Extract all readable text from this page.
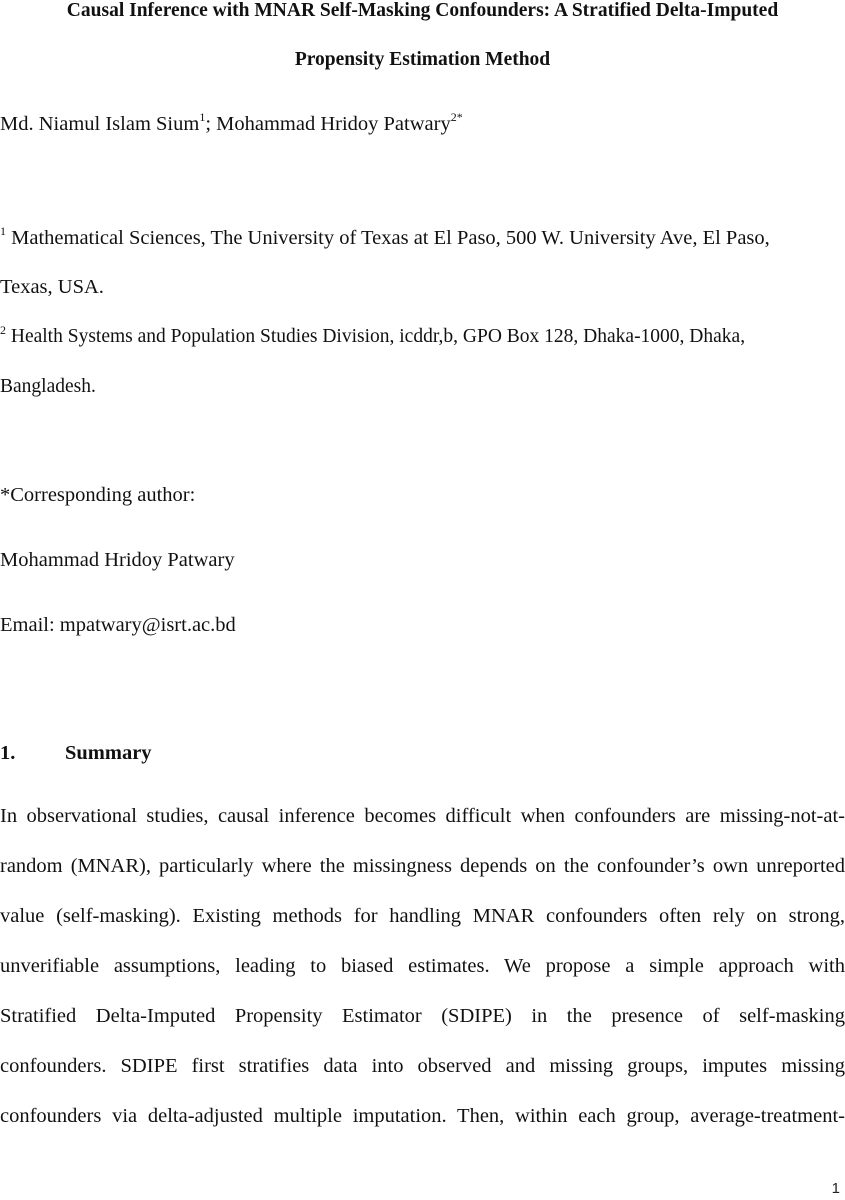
Causal Inference with MNAR Self-Masking Confounders: A Stratified Delta-Imputed
Propensity Estimation Method
Md. Niamul Islam Sium$^1$; Mohammad Hridoy Patwary$^{2*}$
$^1$ Mathematical Sciences, The University of Texas at El Paso, 500 W. University Ave, El Paso,
Texas, USA.
$^2$ Health Systems and Population Studies Division, icddr,b, GPO Box 128, Dhaka-1000, Dhaka,
Bangladesh.
*Corresponding author:
Mohammad Hridoy Patwary
Email: mpatwary@isrt.ac.bd
1. Summary
In observational studies, causal inference becomes difficult when confounders are missing-not-at-
random (MNAR), particularly where the missingness depends on the confounder’s own unreported
value (self-masking). Existing methods for handling MNAR confounders often rely on strong,
unverifiable assumptions, leading to biased estimates. We propose a simple approach with
Stratified Delta-Imputed Propensity Estimator (SDIPE) in the presence of self-masking
confounders. SDIPE first stratifies data into observed and missing groups, imputes missing
confounders via delta-adjusted multiple imputation. Then, within each group, average-treatment-
1
